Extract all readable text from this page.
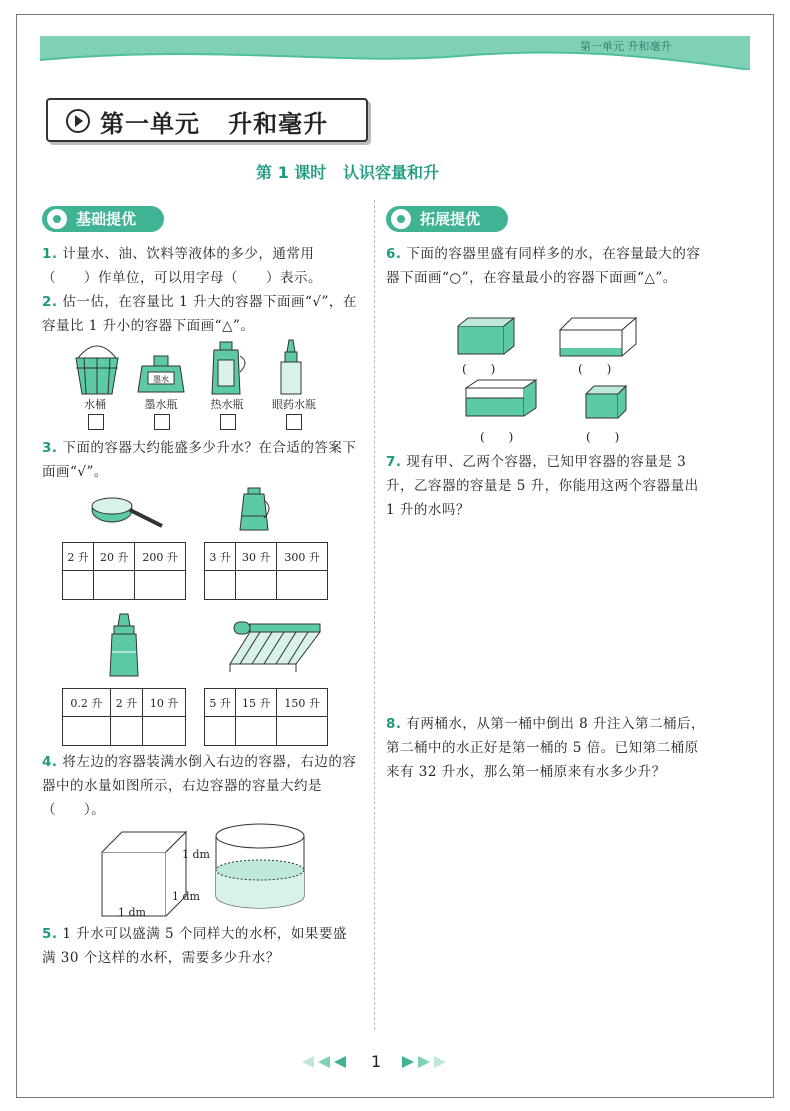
第一单元 升和毫升
第一单元   升和毫升
第 1 课时   认识容量和升
基础提优	拓展提优
1. 计量水、油、饮料等液体的多少，通常用（　　）作单位，可以用字母（　　）表示。
2. 估一估，在容量比 1 升大的容器下面画“√”，在容量比 1 升小的容器下面画“△”。
墨水
水桶	墨水瓶	热水瓶	眼药水瓶
3. 下面的容器大约能盛多少升水？在合适的答案下面画“√”。
2 升	20 升	200 升
			3 升	30 升	300 升

0.2 升	2 升	10 升
			5 升	15 升	150 升

4. 将左边的容器装满水倒入右边的容器，右边的容器中的水量如图所示，右边容器的容量大约是（　　）。
1 dm
1 dm
1 dm
5. 1 升水可以盛满 5 个同样大的水杯，如果要盛满 30 个这样的水杯，需要多少升水？
6. 下面的容器里盛有同样多的水，在容量最大的容器下面画“○”，在容量最小的容器下面画“△”。
(　　)	(　　)
(　　)	(　　)
7. 现有甲、乙两个容器，已知甲容器的容量是 3 升，乙容器的容量是 5 升，你能用这两个容器量出 1 升的水吗？
8. 有两桶水，从第一桶中倒出 8 升注入第二桶后，第二桶中的水正好是第一桶的 5 倍。已知第二桶原来有 32 升水，那么第一桶原来有水多少升？
1
